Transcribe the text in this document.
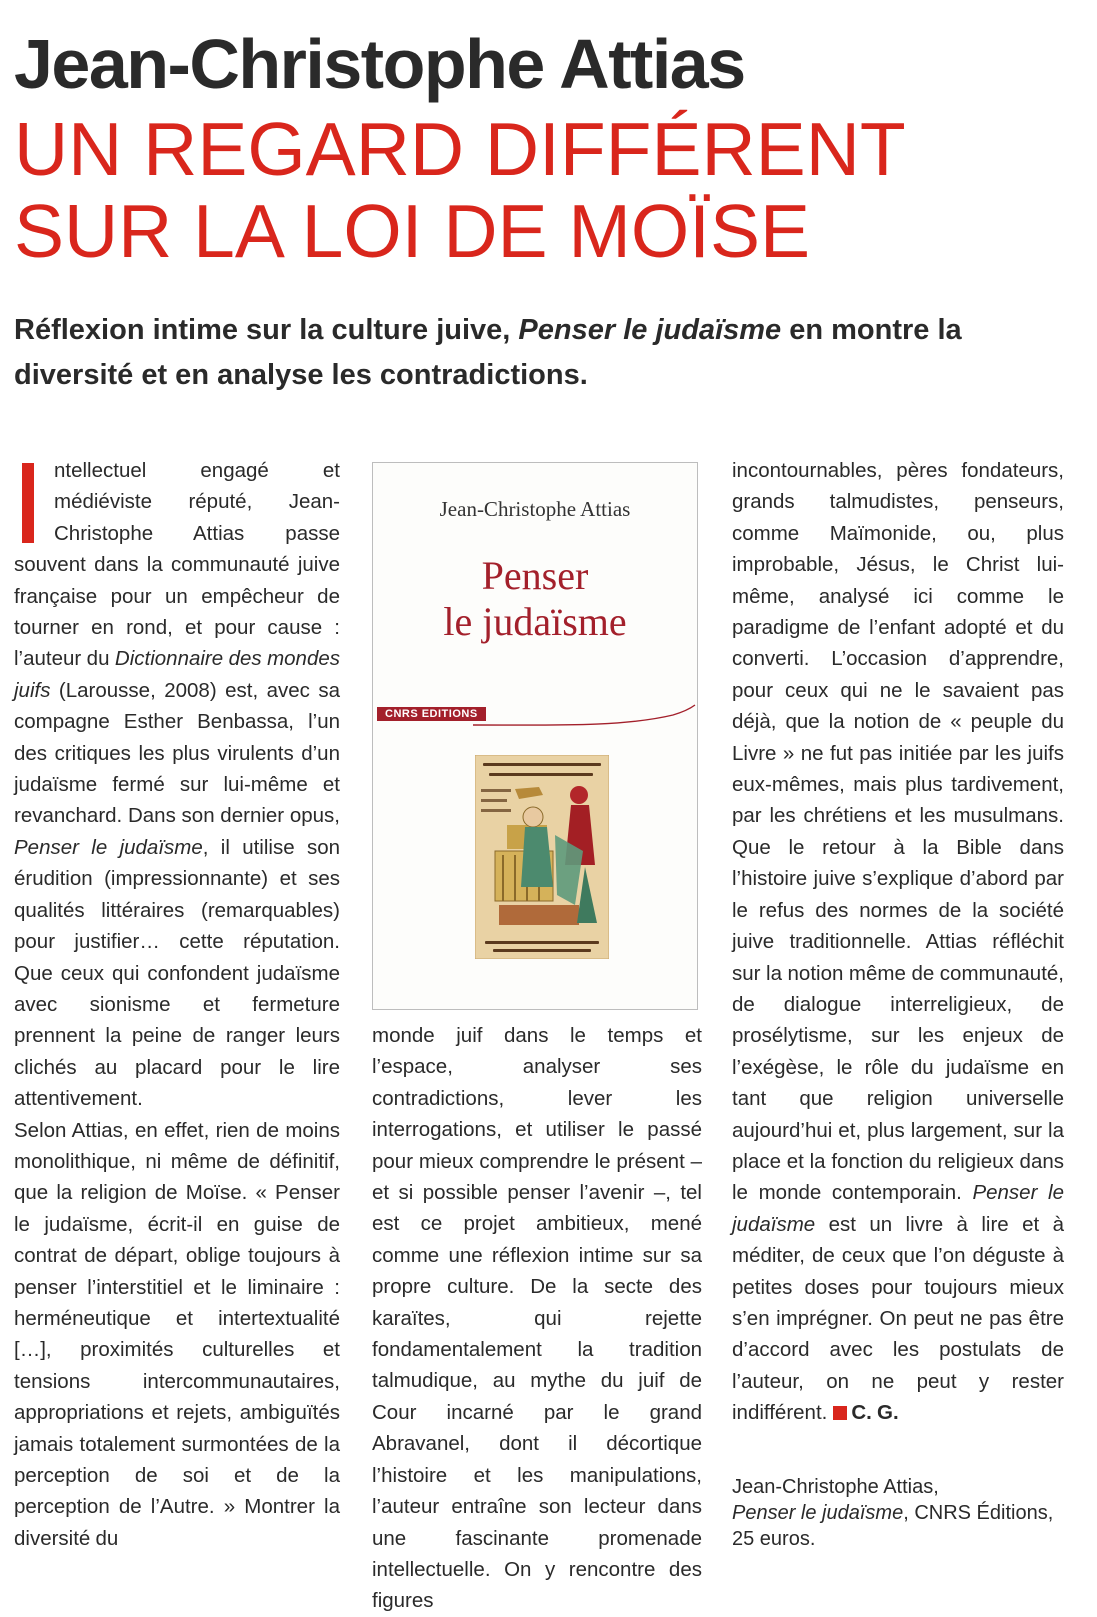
Jean-Christophe Attias
UN REGARD DIFFÉRENT
SUR LA LOI DE MOÏSE

Réflexion intime sur la culture juive, Penser le judaïsme en montre la diversité et en analyse les contradictions.

ntellectuel engagé et médiéviste réputé, Jean-Christophe Attias passe souvent dans la communauté juive française pour un empêcheur de tourner en rond, et pour cause : l’auteur du Dictionnaire des mondes juifs (Larousse, 2008) est, avec sa compagne Esther Benbassa, l’un des critiques les plus virulents d’un judaïsme fermé sur lui-même et revanchard. Dans son dernier opus, Penser le judaïsme, il utilise son érudition (impressionnante) et ses qualités littéraires (remarquables) pour justifier… cette réputation. Que ceux qui confondent judaïsme avec sionisme et fermeture prennent la peine de ranger leurs clichés au placard pour le lire attentivement.

Selon Attias, en effet, rien de moins monolithique, ni même de définitif, que la religion de Moïse. « Penser le judaïsme, écrit-il en guise de contrat de départ, oblige toujours à penser l’interstitiel et le liminaire : herméneutique et intertextualité […], proximités culturelles et tensions intercommunautaires, appropriations et rejets, ambiguïtés jamais totalement surmontées de la perception de soi et de la perception de l’Autre. » Montrer la diversité du

Jean-Christophe Attias
Penser
le judaïsme
CNRS EDITIONS

monde juif dans le temps et l’espace, analyser ses contradictions, lever les interrogations, et utiliser le passé pour mieux comprendre le présent – et si possible penser l’avenir –, tel est ce projet ambitieux, mené comme une réflexion intime sur sa propre culture. De la secte des karaïtes, qui rejette fondamentalement la tradition talmudique, au mythe du juif de Cour incarné par le grand Abravanel, dont il décortique l’histoire et les manipulations, l’auteur entraîne son lecteur dans une fascinante promenade intellectuelle. On y rencontre des figures

incontournables, pères fondateurs, grands talmudistes, penseurs, comme Maïmonide, ou, plus improbable, Jésus, le Christ lui-même, analysé ici comme le paradigme de l’enfant adopté et du converti. L’occasion d’apprendre, pour ceux qui ne le savaient pas déjà, que la notion de « peuple du Livre » ne fut pas initiée par les juifs eux-mêmes, mais plus tardivement, par les chrétiens et les musulmans. Que le retour à la Bible dans l’histoire juive s’explique d’abord par le refus des normes de la société juive traditionnelle. Attias réfléchit sur la notion même de communauté, de dialogue interreligieux, de prosélytisme, sur les enjeux de l’exégèse, le rôle du judaïsme en tant que religion universelle aujourd’hui et, plus largement, sur la place et la fonction du religieux dans le monde contemporain. Penser le judaïsme est un livre à lire et à méditer, de ceux que l’on déguste à petites doses pour toujours mieux s’en imprégner. On peut ne pas être d’accord avec les postulats de l’auteur, on ne peut y rester indifférent. C. G.

Jean-Christophe Attias,
Penser le judaïsme, CNRS Éditions,
25 euros.
